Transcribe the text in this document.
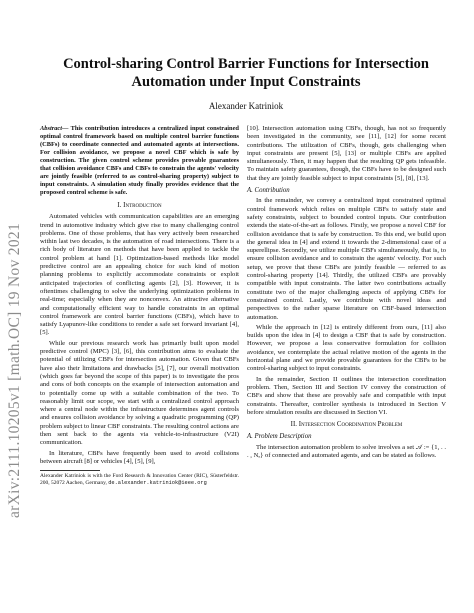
arXiv:2111.10205v1 [math.OC] 19 Nov 2021
Control-sharing Control Barrier Functions for Intersection Automation under Input Constraints
Alexander Katriniok

Abstract— This contribution introduces a centralized input constrained optimal control framework based on multiple control barrier functions (CBFs) to coordinate connected and automated agents at intersections. For collision avoidance, we propose a novel CBF which is safe by construction. The given control scheme provides provable guarantees that collision avoidance CBFs and CBFs to constrain the agents' velocity are jointly feasible (referred to as control-sharing property) subject to input constraints. A simulation study finally provides evidence that the proposed control scheme is safe.

I. Introduction

Automated vehicles with communication capabilities are an emerging trend in automotive industry which give rise to many challenging control problems. One of those problems, that has very actively been researched within last two decades, is the automation of road intersections. There is a rich body of literature on methods that have been applied to tackle the control problem at hand [1]. Optimization-based methods like model predictive control are an appealing choice for such kind of motion planning problems to explicitly accommodate constraints or exploit anticipated trajectories of conflicting agents [2], [3]. However, it is oftentimes challenging to solve the underlying optimization problems in real-time; especially when they are nonconvex. An attractive alternative and computationally efficient way to handle constraints in an optimal control framework are control barrier functions (CBFs), which have to satisfy Lyapunov-like conditions to render a safe set forward invariant [4], [5].

While our previous research work has primarily built upon model predictive control (MPC) [3], [6], this contribution aims to evaluate the potential of utilizing CBFs for intersection automation. Given that CBFs have also their limitations and drawbacks [5], [7], our overall motivation (which goes far beyond the scope of this paper) is to investigate the pros and cons of both concepts on the example of intersection automation and to potentially come up with a suitable combination of the two. To reasonably limit our scope, we start with a centralized control approach where a central node within the infrastructure determines agent controls and ensures collision avoidance by solving a quadratic programming (QP) problem subject to linear CBF constraints. The resulting control actions are then sent back to the agents via vehicle-to-infrastructure (V2I) communication.

In literature, CBFs have frequently been used to avoid collisions between aircraft [8] or vehicles [4], [5], [9],

Alexander Katriniok is with the Ford Research & Innovation Center (RIC), Süsterfeldstr. 200, 52072 Aachen, Germany, de.alexander.katriniok@ieee.org

[10]. Intersection automation using CBFs, though, has not so frequently been investigated in the community, see [11], [12] for some recent contributions. The utilization of CBFs, though, gets challenging when input constraints are present [5], [13] or multiple CBFs are applied simultaneously. Then, it may happen that the resulting QP gets infeasible. To maintain safety guarantees, though, the CBFs have to be designed such that they are jointly feasible subject to input constraints [5], [8], [13].

A. Contribution

In the remainder, we convey a centralized input constrained optimal control framework which relies on multiple CBFs to satisfy state and safety constraints, subject to bounded control inputs. Our contribution extends the state-of-the-art as follows. Firstly, we propose a novel CBF for collision avoidance that is safe by construction. To this end, we build upon the general idea in [4] and extend it towards the 2-dimensional case of a superellipse. Secondly, we utilize multiple CBFs simultaneously, that is, to ensure collision avoidance and to constrain the agents' velocity. For such setup, we prove that these CBFs are jointly feasible — referred to as control-sharing property [14]. Thirdly, the utilized CBFs are provably compatible with input constraints. The latter two contributions actually constitute two of the major challenging aspects of applying CBFs for constrained control. Lastly, we contribute with novel ideas and perspectives to the rather sparse literature on CBF-based intersection automation.

While the approach in [12] is entirely different from ours, [11] also builds upon the idea in [4] to design a CBF that is safe by construction. However, we propose a less conservative formulation for collision avoidance, we contemplate the actual relative motion of the agents in the horizontal plane and we provide provable guarantees for the CBFs to be control-sharing subject to input constraints.

In the remainder, Section II outlines the intersection coordination problem. Then, Section III and Section IV convey the construction of CBFs and show that these are provably safe and compatible with input constraints. Thereafter, controller synthesis is introduced in Section V before simulation results are discussed in Section VI.

II. Intersection Coordination Problem
A. Problem Description

The intersection automation problem to solve involves a set 𝒜 := {1, . . . , Nₐ} of connected and automated agents, and can be stated as follows.
